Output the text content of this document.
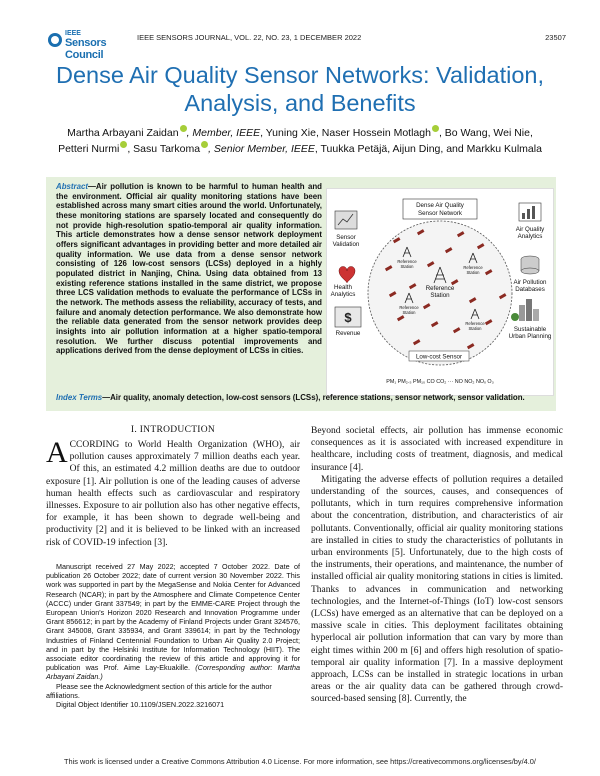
IEEE
Sensors Council
IEEE SENSORS JOURNAL, VOL. 22, NO. 23, 1 DECEMBER 2022	23507
Dense Air Quality Sensor Networks: Validation,
Analysis, and Benefits
Martha Arbayani Zaidan , Member, IEEE, Yuning Xie, Naser Hossein Motlagh , Bo Wang, Wei Nie,
Petteri Nurmi , Sasu Tarkoma , Senior Member, IEEE, Tuukka Petäjä, Aijun Ding, and Markku Kulmala
Abstract—Air pollution is known to be harmful to human health and the environment. Official air quality monitoring stations have been established across many smart cities around the world. Unfortunately, these monitoring stations are sparsely located and consequently do not provide high-resolution spatio-temporal air quality information. This article demonstrates how a dense sensor network deployment offers significant advantages in providing better and more detailed air quality information. We use data from a dense sensor network consisting of 126 low-cost sensors (LCSs) deployed in a highly populated district in Nanjing, China. Using data obtained from 13 existing reference stations installed in the same district, we propose three LCS validation methods to evaluate the performance of LCSs in the network. The methods assess the reliability, accuracy of tests, and failure and anomaly detection performance. We also demonstrate how the reliable data generated from the sensor network provides deep insights into air pollution information at a higher spatio-temporal resolution. We further discuss potential improvements and applications derived from the dense deployment of LCSs in cities.
Dense Air Quality
Sensor Network
Reference
Station	Reference
Station
Reference
Station
Reference
Station
Reference
Station
Low-cost Sensor
Sensor
Validation
Health
Analytics
$
Revenue
Air Quality
Analytics
Air Pollution
Databases
Sustainable
Urban Planning
PM₁ PM₂.₅ PM₁₀ CO CO₂ ··· NO NO₂ NOₓ O₃
Index Terms—Air quality, anomaly detection, low-cost sensors (LCSs), reference stations, sensor network, sensor validation.
I. INTRODUCTION
ACCORDING to World Health Organization (WHO), air pollution causes approximately 7 million deaths each year. Of this, an estimated 4.2 million deaths are due to outdoor exposure [1]. Air pollution is one of the leading causes of adverse human health effects such as cardiovascular and respiratory illnesses. Exposure to air pollution also has other negative effects, for example, it has been shown to degrade well-being and productivity [2] and it is believed to be linked with an increased risk of COVID-19 infection [3].

Manuscript received 27 May 2022; accepted 7 October 2022. Date of publication 26 October 2022; date of current version 30 November 2022. This work was supported in part by the MegaSense and Nokia Center for Advanced Research (NCAR); in part by the Atmosphere and Climate Competence Center (ACCC) under Grant 337549; in part by the EMME-CARE Project through the European Union's Horizon 2020 Research and Innovation Programme under Grant 856612; in part by the Academy of Finland Projects under Grant 324576, Grant 345008, Grant 335934, and Grant 339614; in part by the Technology Industries of Finland Centennial Foundation to Urban Air Quality 2.0 Project; and in part by the Helsinki Institute for Information Technology (HIIT). The associate editor coordinating the review of this article and approving it for publication was Prof. Aime Lay-Ekuakille. (Corresponding author: Martha Arbayani Zaidan.)

Please see the Acknowledgment section of this article for the author affiliations.

Digital Object Identifier 10.1109/JSEN.2022.3216071

Beyond societal effects, air pollution has immense economic consequences as it is associated with increased expenditure in healthcare, including costs of treatment, diagnosis, and medical insurance [4].

Mitigating the adverse effects of pollution requires a detailed understanding of the sources, causes, and consequences of pollutants, which in turn requires comprehensive information about the concentration, distribution, and characteristics of air pollutants. Conventionally, official air quality monitoring stations are installed in cities to study the characteristics of pollutants in urban environments [5]. Unfortunately, due to the high costs of the instruments, their operations, and maintenance, the number of installed official air quality monitoring stations in cities is limited. Thanks to advances in communication and networking technologies, and the Internet-of-Things (IoT) low-cost sensors (LCSs) have emerged as an alternative that can be deployed on a massive scale in cities. This deployment facilitates obtaining hyperlocal air pollution information that can vary by more than eight times within 200 m [6] and offers high resolution of spatio-temporal air quality information [7]. In a massive deployment approach, LCSs can be installed in strategic locations in urban areas or the air quality data can be gathered through crowd-sourced-based sensing [8]. Currently, the

This work is licensed under a Creative Commons Attribution 4.0 License. For more information, see https://creativecommons.org/licenses/by/4.0/
